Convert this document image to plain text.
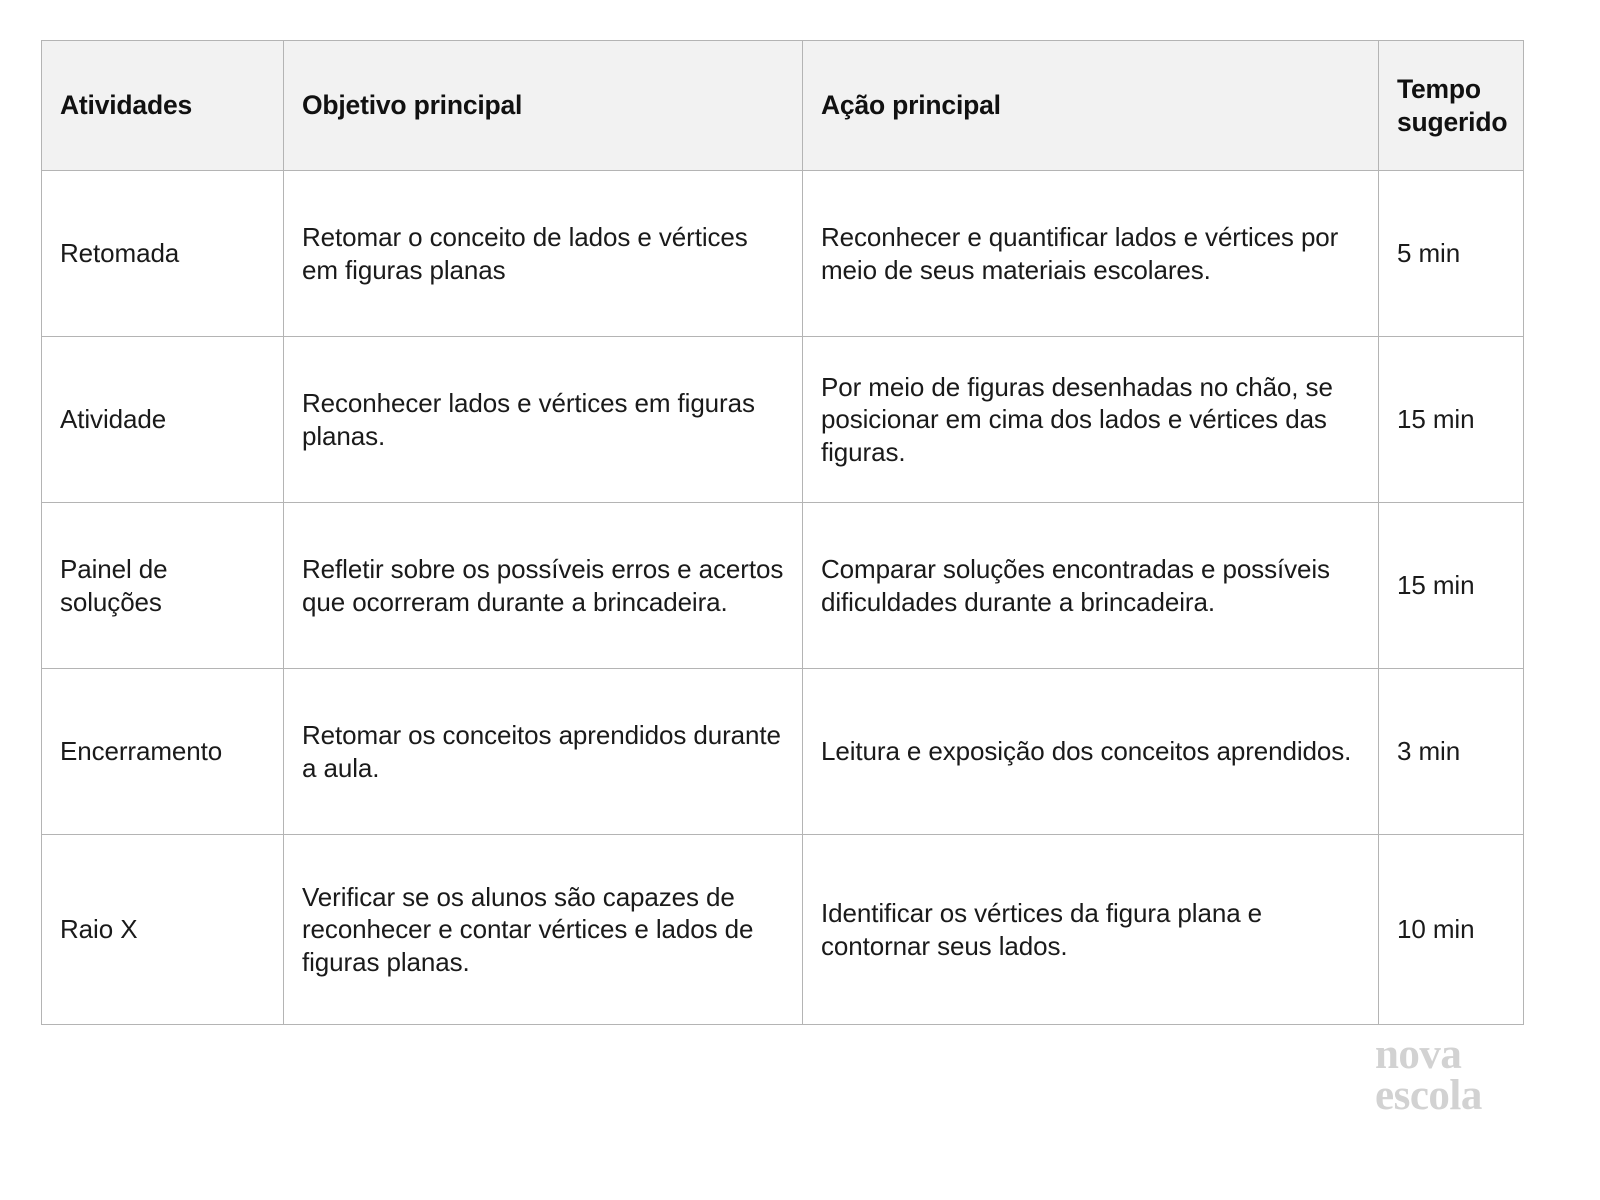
Atividades	Objetivo principal	Ação principal	Tempo sugerido
Retomada	Retomar o conceito de lados e vértices em figuras planas	Reconhecer e quantificar lados e vértices por meio de seus materiais escolares.	5 min
Atividade	Reconhecer lados e vértices em figuras planas.	Por meio de figuras desenhadas no chão, se posicionar em cima dos lados e vértices das figuras.	15 min
Painel de soluções	Refletir sobre os possíveis erros e acertos que ocorreram durante a brincadeira.	Comparar soluções encontradas e possíveis dificuldades durante a brincadeira.	15 min
Encerramento	Retomar os conceitos aprendidos durante a aula.	Leitura e exposição dos conceitos aprendidos.	3 min
Raio X	Verificar se os alunos são capazes de reconhecer e contar vértices e lados de figuras planas.	Identificar os vértices da figura plana e contornar seus lados.	10 min
nova
escola
